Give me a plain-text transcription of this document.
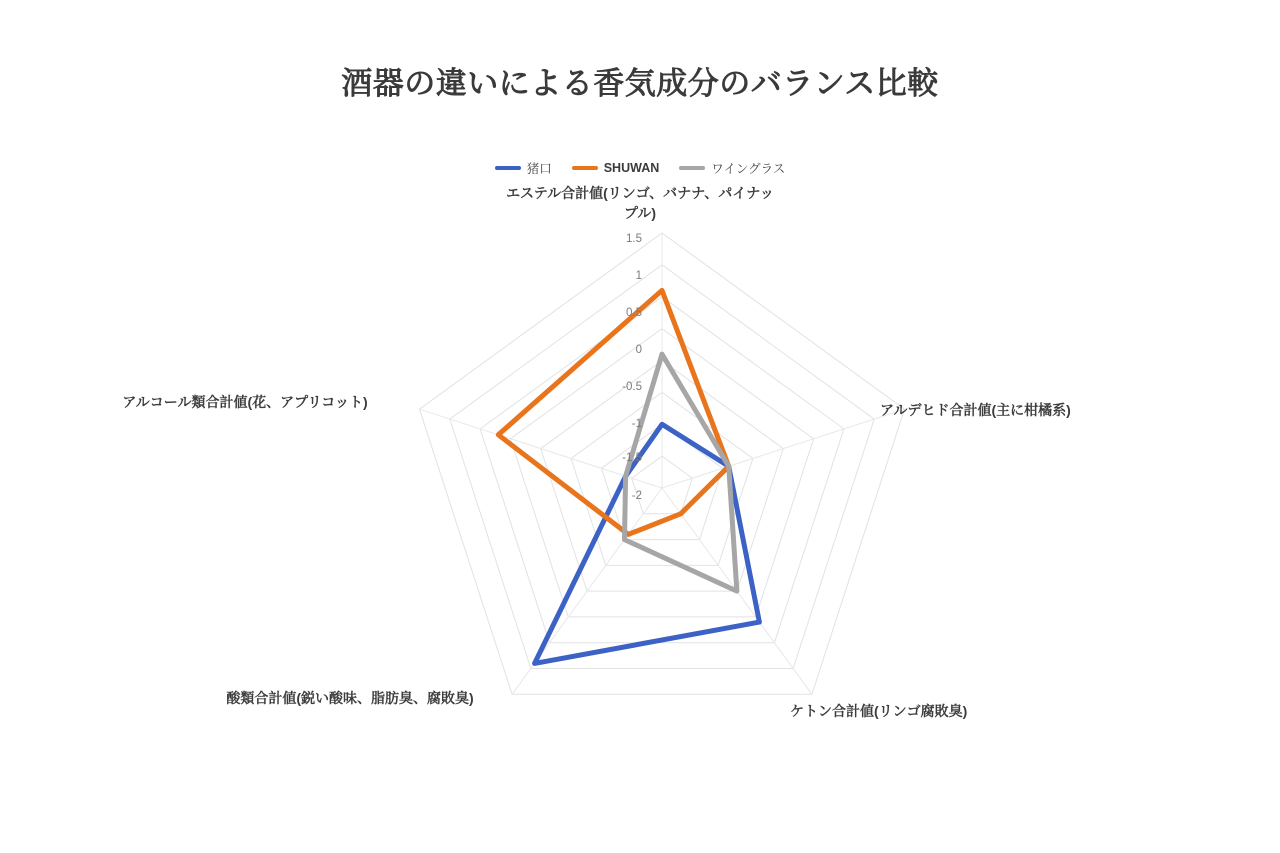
酒器の違いによる香気成分のバランス比較
猪口	SHUWAN	ワイングラス
エステル合計値(リンゴ、バナナ、パイナップル)
アルデヒド合計値(主に柑橘系)
ケトン合計値(リンゴ腐敗臭)
酸類合計値(鋭い酸味、脂肪臭、腐敗臭)
アルコール類合計値(花、アプリコット)
1.5
1
0.5
0
-0.5
-1
-1.5
-2
